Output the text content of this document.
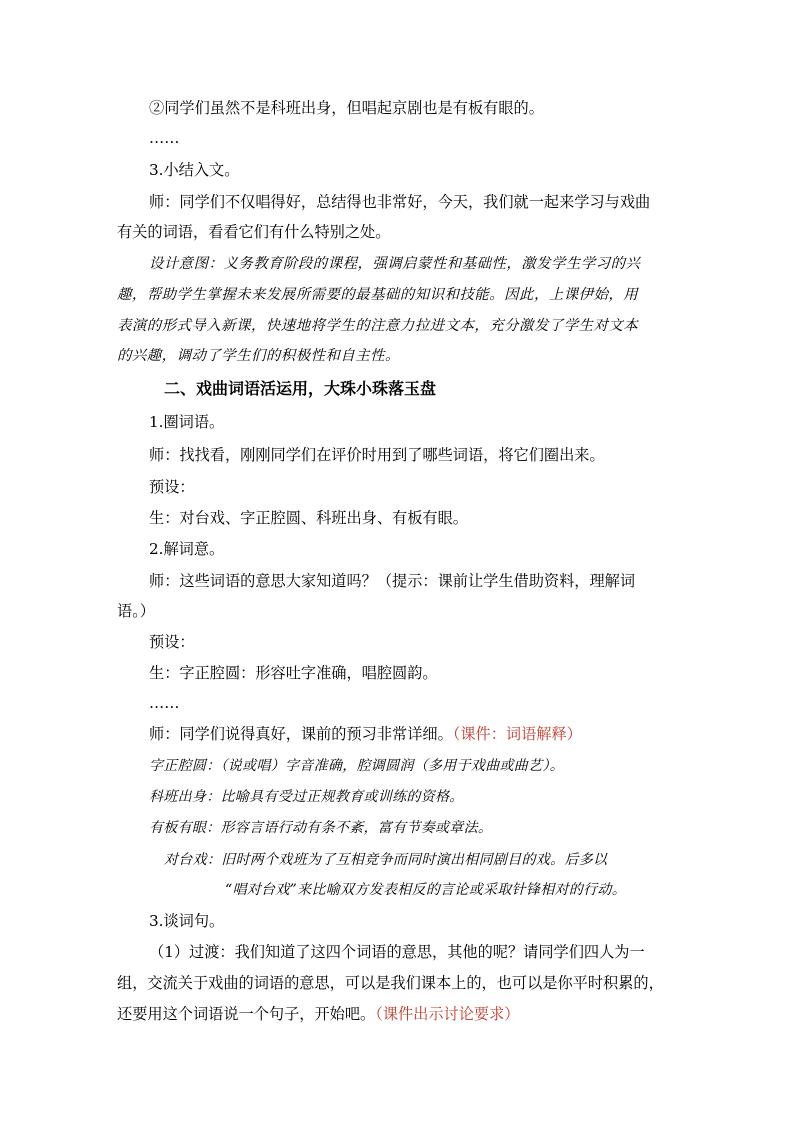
②同学们虽然不是科班出身，但唱起京剧也是有板有眼的。
……
3.小结入文。
师：同学们不仅唱得好，总结得也非常好，今天，我们就一起来学习与戏曲
有关的词语，看看它们有什么特别之处。
设计意图：义务教育阶段的课程，强调启蒙性和基础性，激发学生学习的兴
趣，帮助学生掌握未来发展所需要的最基础的知识和技能。因此，上课伊始，用
表演的形式导入新课，快速地将学生的注意力拉进文本，充分激发了学生对文本
的兴趣，调动了学生们的积极性和自主性。
二、戏曲词语活运用，大珠小珠落玉盘
1.圈词语。
师：找找看，刚刚同学们在评价时用到了哪些词语，将它们圈出来。
预设：
生：对台戏、字正腔圆、科班出身、有板有眼。
2.解词意。
师：这些词语的意思大家知道吗？（提示：课前让学生借助资料，理解词
语。）
预设：
生：字正腔圆：形容吐字准确，唱腔圆韵。
……
师：同学们说得真好，课前的预习非常详细。（课件：词语解释）
字正腔圆：（说或唱）字音准确，腔调圆润（多用于戏曲或曲艺）。
科班出身：比喻具有受过正规教育或训练的资格。
有板有眼：形容言语行动有条不紊，富有节奏或章法。
对台戏：旧时两个戏班为了互相竞争而同时演出相同剧目的戏。后多以
“唱对台戏”来比喻双方发表相反的言论或采取针锋相对的行动。
3.谈词句。
（1）过渡：我们知道了这四个词语的意思，其他的呢？请同学们四人为一
组，交流关于戏曲的词语的意思，可以是我们课本上的，也可以是你平时积累的，
还要用这个词语说一个句子，开始吧。（课件出示讨论要求）
